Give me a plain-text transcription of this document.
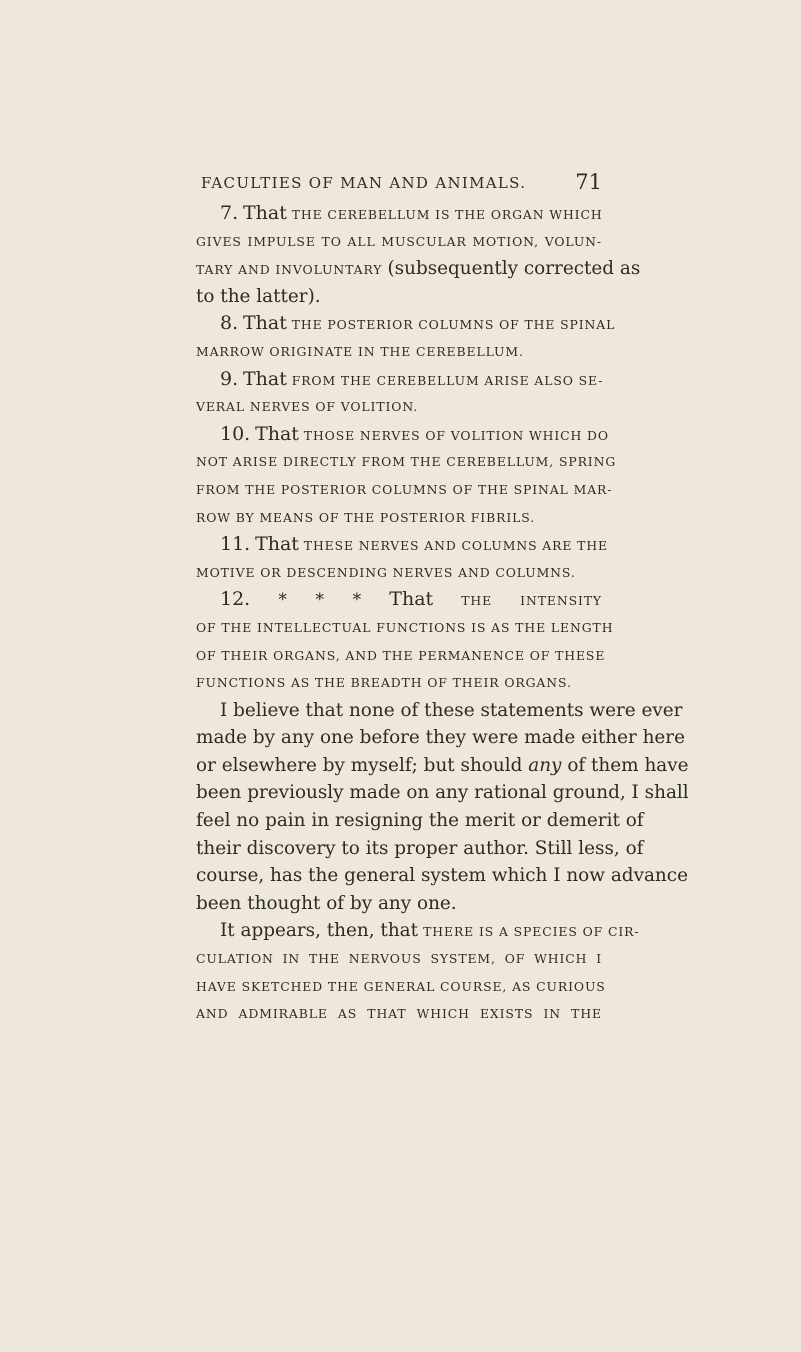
FACULTIES OF MAN AND ANIMALS. 71
7. That THE CEREBELLUM IS THE ORGAN WHICH
GIVES IMPULSE TO ALL MUSCULAR MOTION, VOLUN-
TARY AND INVOLUNTARY (subsequently corrected as
to the latter).
8. That THE POSTERIOR COLUMNS OF THE SPINAL
MARROW ORIGINATE IN THE CEREBELLUM.
9. That FROM THE CEREBELLUM ARISE ALSO SE-
VERAL NERVES OF VOLITION.
10. That THOSE NERVES OF VOLITION WHICH DO
NOT ARISE DIRECTLY FROM THE CEREBELLUM, SPRING
FROM THE POSTERIOR COLUMNS OF THE SPINAL MAR-
ROW BY MEANS OF THE POSTERIOR FIBRILS.
11. That THESE NERVES AND COLUMNS ARE THE
MOTIVE OR DESCENDING NERVES AND COLUMNS.
12. * * * That THE INTENSITY
OF THE INTELLECTUAL FUNCTIONS IS AS THE LENGTH
OF THEIR ORGANS, AND THE PERMANENCE OF THESE
FUNCTIONS AS THE BREADTH OF THEIR ORGANS.
I believe that none of these statements were ever
made by any one before they were made either here
or elsewhere by myself; but should any of them have
been previously made on any rational ground, I shall
feel no pain in resigning the merit or demerit of
their discovery to its proper author. Still less, of
course, has the general system which I now advance
been thought of by any one.
It appears, then, that THERE IS A SPECIES OF CIR-
CULATION IN THE NERVOUS SYSTEM, OF WHICH I
HAVE SKETCHED THE GENERAL COURSE, AS CURIOUS
AND ADMIRABLE AS THAT WHICH EXISTS IN THE
